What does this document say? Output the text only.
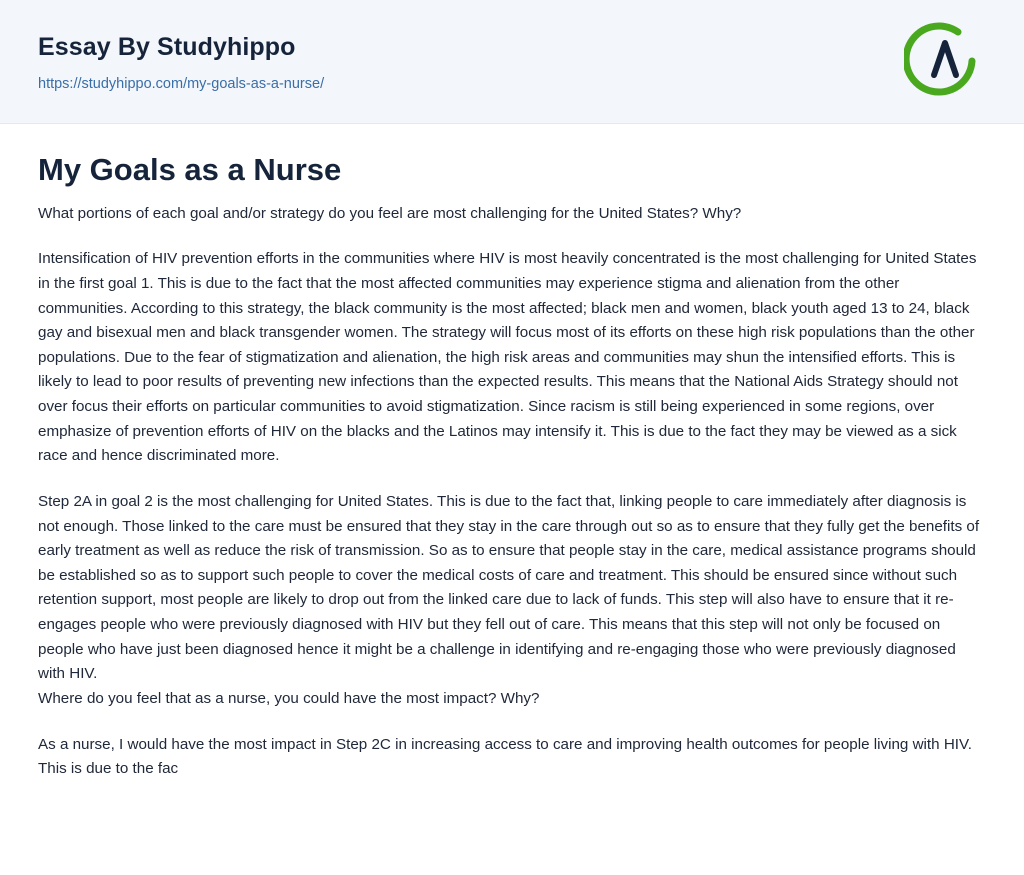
Essay By Studyhippo
https://studyhippo.com/my-goals-as-a-nurse/
My Goals as a Nurse

What portions of each goal and/or strategy do you feel are most challenging for the United States? Why?

Intensification of HIV prevention efforts in the communities where HIV is most heavily concentrated is the most challenging for United States in the first goal 1. This is due to the fact that the most affected communities may experience stigma and alienation from the other communities. According to this strategy, the black community is the most affected; black men and women, black youth aged 13 to 24, black gay and bisexual men and black transgender women. The strategy will focus most of its efforts on these high risk populations than the other populations. Due to the fear of stigmatization and alienation, the high risk areas and communities may shun the intensified efforts. This is likely to lead to poor results of preventing new infections than the expected results. This means that the National Aids Strategy should not over focus their efforts on particular communities to avoid stigmatization. Since racism is still being experienced in some regions, over emphasize of prevention efforts of HIV on the blacks and the Latinos may intensify it. This is due to the fact they may be viewed as a sick race and hence discriminated more.

Step 2A in goal 2 is the most challenging for United States. This is due to the fact that, linking people to care immediately after diagnosis is not enough. Those linked to the care must be ensured that they stay in the care through out so as to ensure that they fully get the benefits of early treatment as well as reduce the risk of transmission. So as to ensure that people stay in the care, medical assistance programs should be established so as to support such people to cover the medical costs of care and treatment. This should be ensured since without such retention support, most people are likely to drop out from the linked care due to lack of funds. This step will also have to ensure that it re-engages people who were previously diagnosed with HIV but they fell out of care. This means that this step will not only be focused on people who have just been diagnosed hence it might be a challenge in identifying and re-engaging those who were previously diagnosed with HIV.

Where do you feel that as a nurse, you could have the most impact? Why?

As a nurse, I would have the most impact in Step 2C in increasing access to care and improving health outcomes for people living with HIV. This is due to the fac
